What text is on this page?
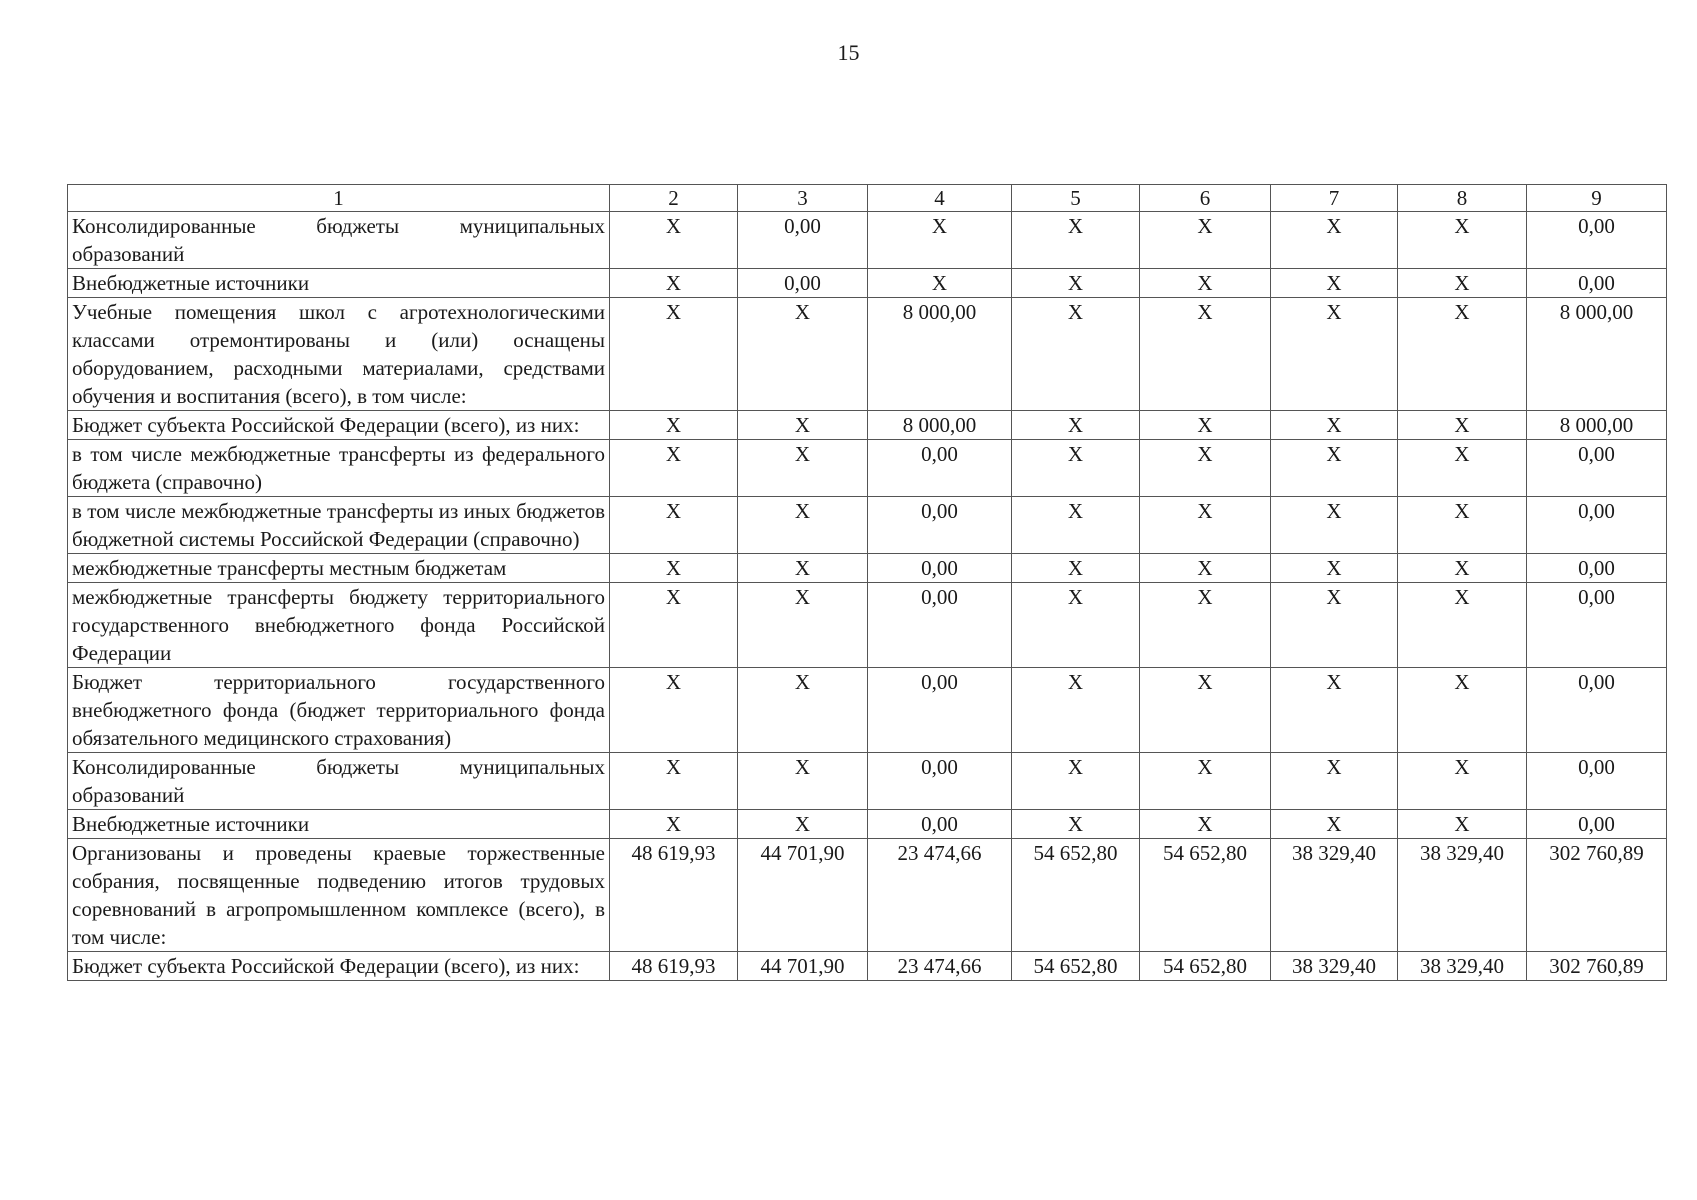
15
1	2	3	4	5	6	7	8	9
Консолидированные бюджеты муниципальных образований	X	0,00	X	X	X	X	X	0,00
Внебюджетные источники	X	0,00	X	X	X	X	X	0,00
Учебные помещения школ с агротехнологическими классами отремонтированы и (или) оснащены оборудованием, расходными материалами, средствами обучения и воспитания (всего), в том числе:	X	X	8 000,00	X	X	X	X	8 000,00
Бюджет субъекта Российской Федерации (всего), из них:	X	X	8 000,00	X	X	X	X	8 000,00
в том числе межбюджетные трансферты из федерального бюджета (справочно)	X	X	0,00	X	X	X	X	0,00
в том числе межбюджетные трансферты из иных бюджетов бюджетной системы Российской Федерации (справочно)	X	X	0,00	X	X	X	X	0,00
межбюджетные трансферты местным бюджетам	X	X	0,00	X	X	X	X	0,00
межбюджетные трансферты бюджету территориального государственного внебюджетного фонда Российской Федерации	X	X	0,00	X	X	X	X	0,00
Бюджет территориального государственного внебюджетного фонда (бюджет территориального фонда обязательного медицинского страхования)	X	X	0,00	X	X	X	X	0,00
Консолидированные бюджеты муниципальных образований	X	X	0,00	X	X	X	X	0,00
Внебюджетные источники	X	X	0,00	X	X	X	X	0,00
Организованы и проведены краевые торжественные собрания, посвященные подведению итогов трудовых соревнований в агропромышленном комплексе (всего), в том числе:	48 619,93	44 701,90	23 474,66	54 652,80	54 652,80	38 329,40	38 329,40	302 760,89
Бюджет субъекта Российской Федерации (всего), из них:	48 619,93	44 701,90	23 474,66	54 652,80	54 652,80	38 329,40	38 329,40	302 760,89
